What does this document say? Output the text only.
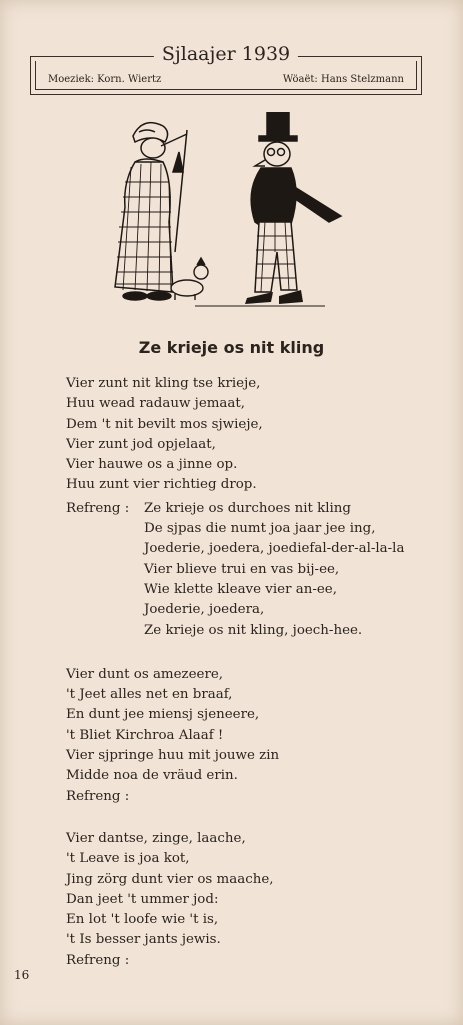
Sjlaajer 1939
Moeziek: Korn. Wiertz	Wöaët: Hans Stelzmann
Ze krieje os nit kling
Vier zunt nit kling tse krieje,
Huu wead radauw jemaat,
Dem 't nit bevilt mos sjwieje,
Vier zunt jod opjelaat,
Vier hauwe os a jinne op.
Huu zunt vier richtieg drop.
Refreng : Ze krieje os durchoes nit kling
De sjpas die numt joa jaar jee ing,
Joederie, joedera, joediefal-der-al-la-la
Vier blieve trui en vas bij-ee,
Wie klette kleave vier an-ee,
Joederie, joedera,
Ze krieje os nit kling, joech-hee.
Vier dunt os amezeere,
't Jeet alles net en braaf,
En dunt jee miensj sjeneere,
't Bliet Kirchroa Alaaf !
Vier sjpringe huu mit jouwe zin
Midde noa de vräud erin.
Refreng :
Vier dantse, zinge, laache,
't Leave is joa kot,
Jing zörg dunt vier os maache,
Dan jeet 't ummer jod:
En lot 't loofe wie 't is,
't Is besser jants jewis.
Refreng :
16
